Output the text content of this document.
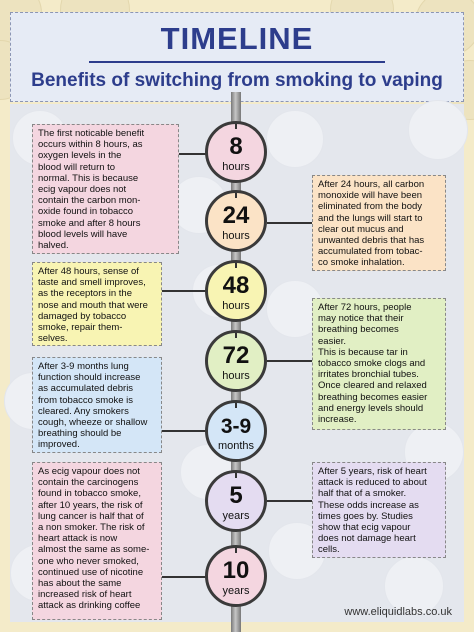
TIMELINE
Benefits of switching from smoking to vaping
The first noticable benefit
occurs within 8 hours, as
oxygen levels in the
blood will return to
normal. This is because
ecig vapour does not
contain the carbon mon-
oxide found in tobacco
smoke and after 8 hours
blood levels will have
halved.
8
hours
24
hours
After 24 hours, all carbon
monoxide will have been
eliminated from the body
and the lungs will start to
clear out mucus and
unwanted debris that has
accumulated from tobac-
co smoke inhalation.
After 48 hours, sense of
taste and smell improves,
as the receptors in the
nose and mouth that were
damaged by tobacco
smoke, repair them-
selves.
48
hours
72
hours
After 72 hours, people
may notice that their
breathing becomes
easier.
This is because tar in
tobacco smoke clogs and
irritates bronchial tubes.
Once cleared and relaxed
breathing becomes easier
and energy levels should
increase.
After 3-9 months lung
function should increase
as accumulated debris
from tobacco smoke is
cleared. Any smokers
cough, wheeze or shallow
breathing should be
improved.
3-9
months
5
years
After 5 years, risk of heart
attack is reduced to about
half that of a smoker.
These odds increase as
times goes by. Studies
show that ecig vapour
does not damage heart
cells.
As ecig vapour does not
contain the carcinogens
found in tobacco smoke,
after 10 years, the risk of
lung cancer is half that of
a non smoker. The risk of
heart attack is now
almost the same as some-
one who never smoked,
continued use of nicotine
has about the same
increased risk of heart
attack as drinking coffee
10
years
www.eliquidlabs.co.uk
